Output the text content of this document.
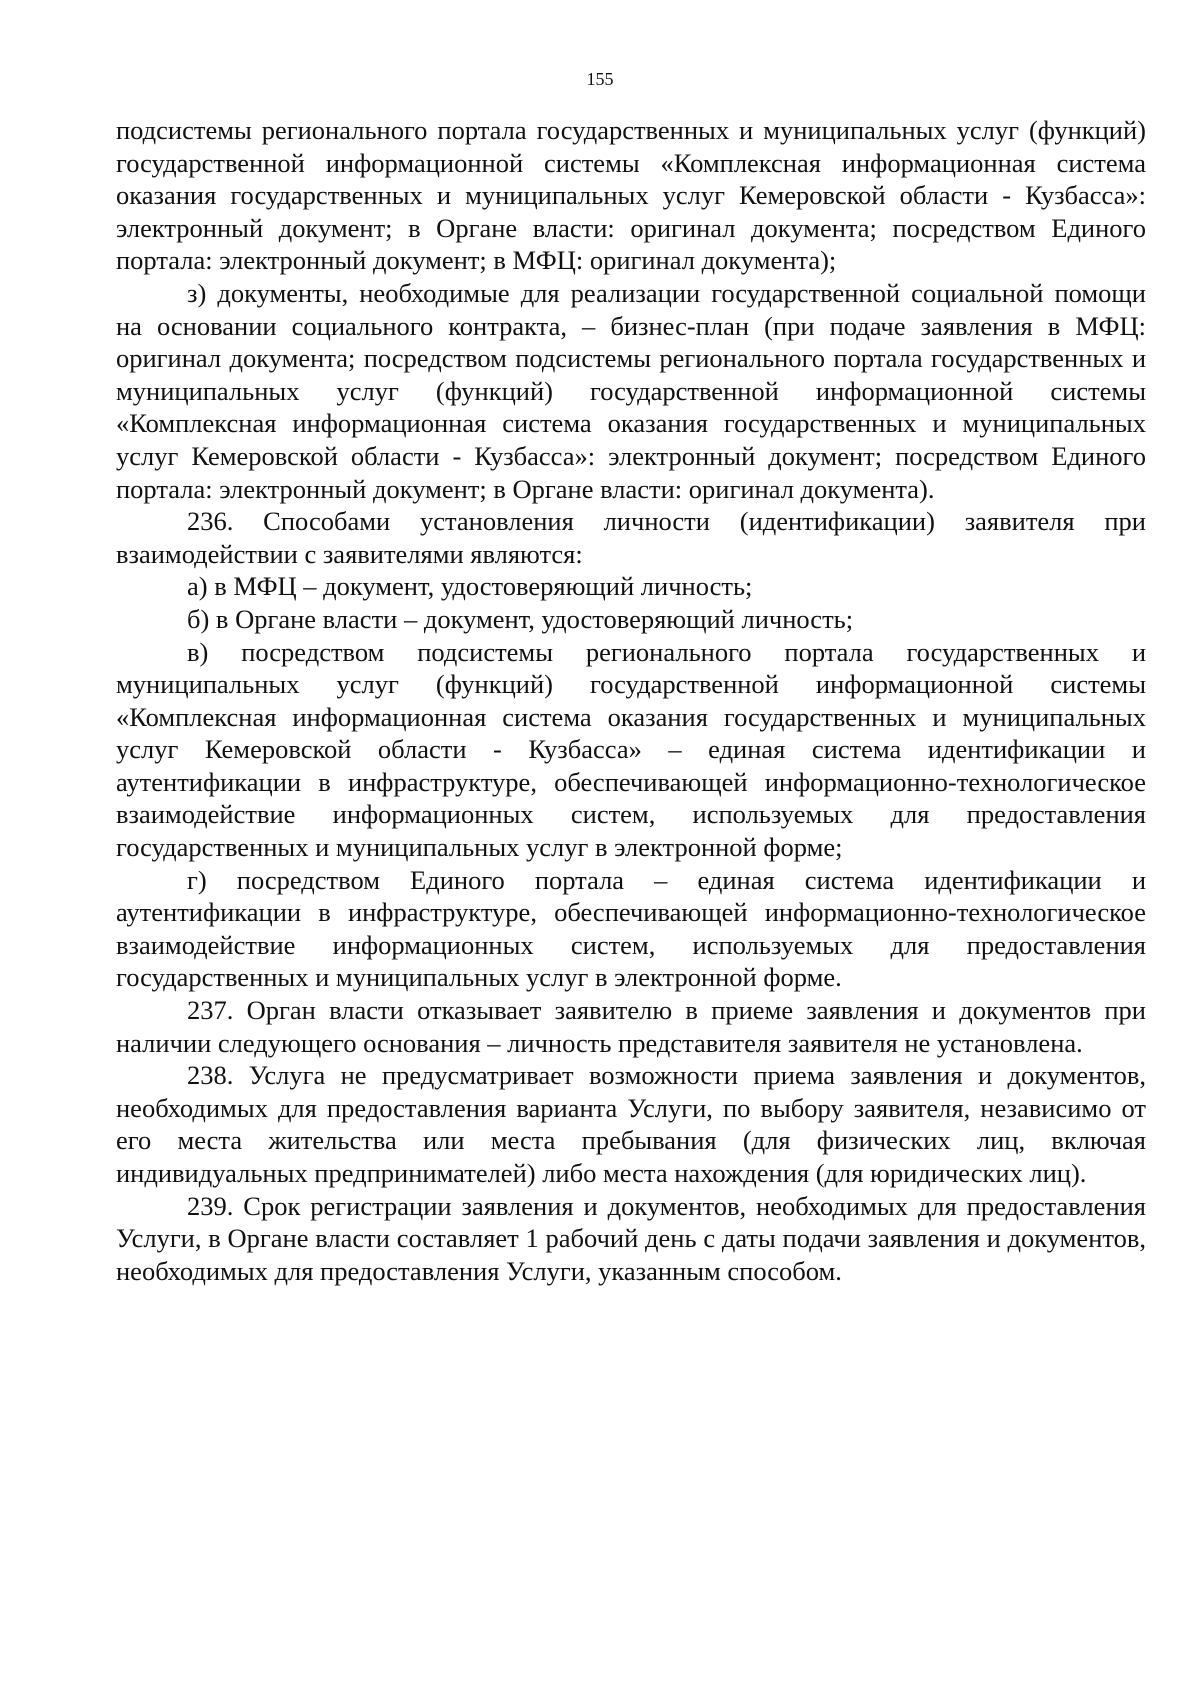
155

подсистемы регионального портала государственных и муниципальных услуг (функций) государственной информационной системы «Комплексная информационная система оказания государственных и муниципальных услуг Кемеровской области - Кузбасса»: электронный документ; в Органе власти: оригинал документа; посредством Единого портала: электронный документ; в МФЦ: оригинал документа);

з) документы, необходимые для реализации государственной социальной помощи на основании социального контракта, – бизнес-план (при подаче заявления в МФЦ: оригинал документа; посредством подсистемы регионального портала государственных и муниципальных услуг (функций) государственной информационной системы «Комплексная информационная система оказания государственных и муниципальных услуг Кемеровской области - Кузбасса»: электронный документ; посредством Единого портала: электронный документ; в Органе власти: оригинал документа).

236. Способами установления личности (идентификации) заявителя при взаимодействии с заявителями являются:

а) в МФЦ – документ, удостоверяющий личность;

б) в Органе власти – документ, удостоверяющий личность;

в) посредством подсистемы регионального портала государственных и муниципальных услуг (функций) государственной информационной системы «Комплексная информационная система оказания государственных и муниципальных услуг Кемеровской области - Кузбасса» – единая система идентификации и аутентификации в инфраструктуре, обеспечивающей информационно-технологическое взаимодействие информационных систем, используемых для предоставления государственных и муниципальных услуг в электронной форме;

г) посредством Единого портала – единая система идентификации и аутентификации в инфраструктуре, обеспечивающей информационно-технологическое взаимодействие информационных систем, используемых для предоставления государственных и муниципальных услуг в электронной форме.

237. Орган власти отказывает заявителю в приеме заявления и документов при наличии следующего основания – личность представителя заявителя не установлена.

238. Услуга не предусматривает возможности приема заявления и документов, необходимых для предоставления варианта Услуги, по выбору заявителя, независимо от его места жительства или места пребывания (для физических лиц, включая индивидуальных предпринимателей) либо места нахождения (для юридических лиц).

239. Срок регистрации заявления и документов, необходимых для предоставления Услуги, в Органе власти составляет 1 рабочий день с даты подачи заявления и документов, необходимых для предоставления Услуги, указанным способом.
